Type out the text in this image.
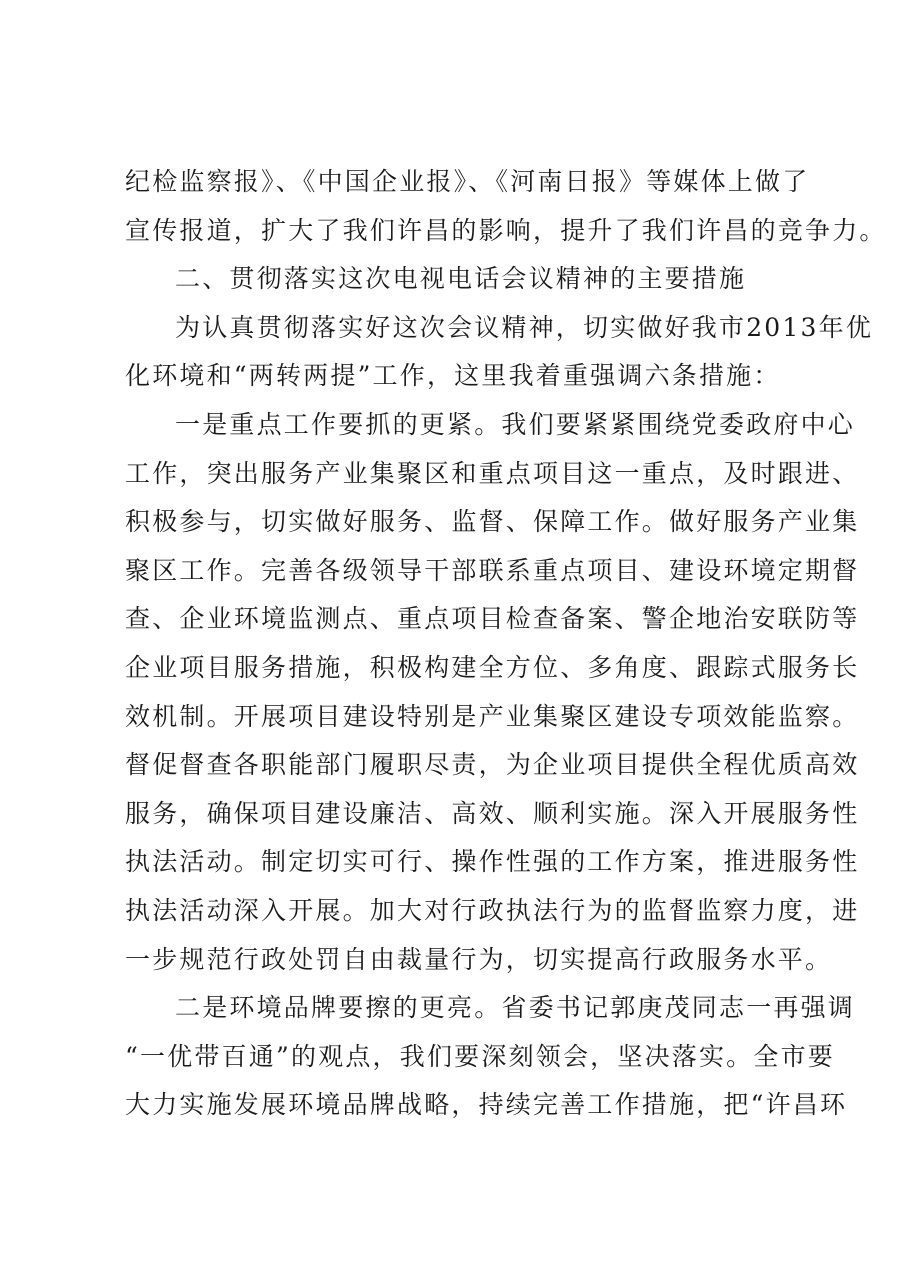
纪检监察报》、《中国企业报》、《河南日报》等媒体上做了
宣传报道，扩大了我们许昌的影响，提升了我们许昌的竞争力。
二、贯彻落实这次电视电话会议精神的主要措施
为认真贯彻落实好这次会议精神，切实做好我市2013年优
化环境和“两转两提”工作，这里我着重强调六条措施：
一是重点工作要抓的更紧。我们要紧紧围绕党委政府中心
工作，突出服务产业集聚区和重点项目这一重点，及时跟进、
积极参与，切实做好服务、监督、保障工作。做好服务产业集
聚区工作。完善各级领导干部联系重点项目、建设环境定期督
查、企业环境监测点、重点项目检查备案、警企地治安联防等
企业项目服务措施，积极构建全方位、多角度、跟踪式服务长
效机制。开展项目建设特别是产业集聚区建设专项效能监察。
督促督查各职能部门履职尽责，为企业项目提供全程优质高效
服务，确保项目建设廉洁、高效、顺利实施。深入开展服务性
执法活动。制定切实可行、操作性强的工作方案，推进服务性
执法活动深入开展。加大对行政执法行为的监督监察力度，进
一步规范行政处罚自由裁量行为，切实提高行政服务水平。
二是环境品牌要擦的更亮。省委书记郭庚茂同志一再强调
“一优带百通”的观点，我们要深刻领会，坚决落实。全市要
大力实施发展环境品牌战略，持续完善工作措施，把“许昌环
